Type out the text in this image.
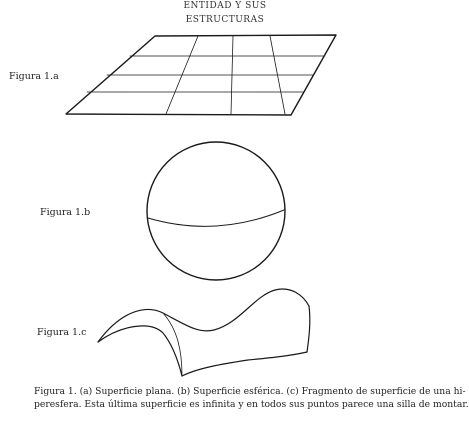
ENTIDAD Y SUS ESTRUCTURAS
Figura 1.a
Figura 1.b
Figura 1.c
Figura 1. (a) Superficie plana. (b) Superficie esférica. (c) Fragmento de superficie de una hi-
peresfera. Esta última superficie es infinita y en todos sus puntos parece una silla de montar.
